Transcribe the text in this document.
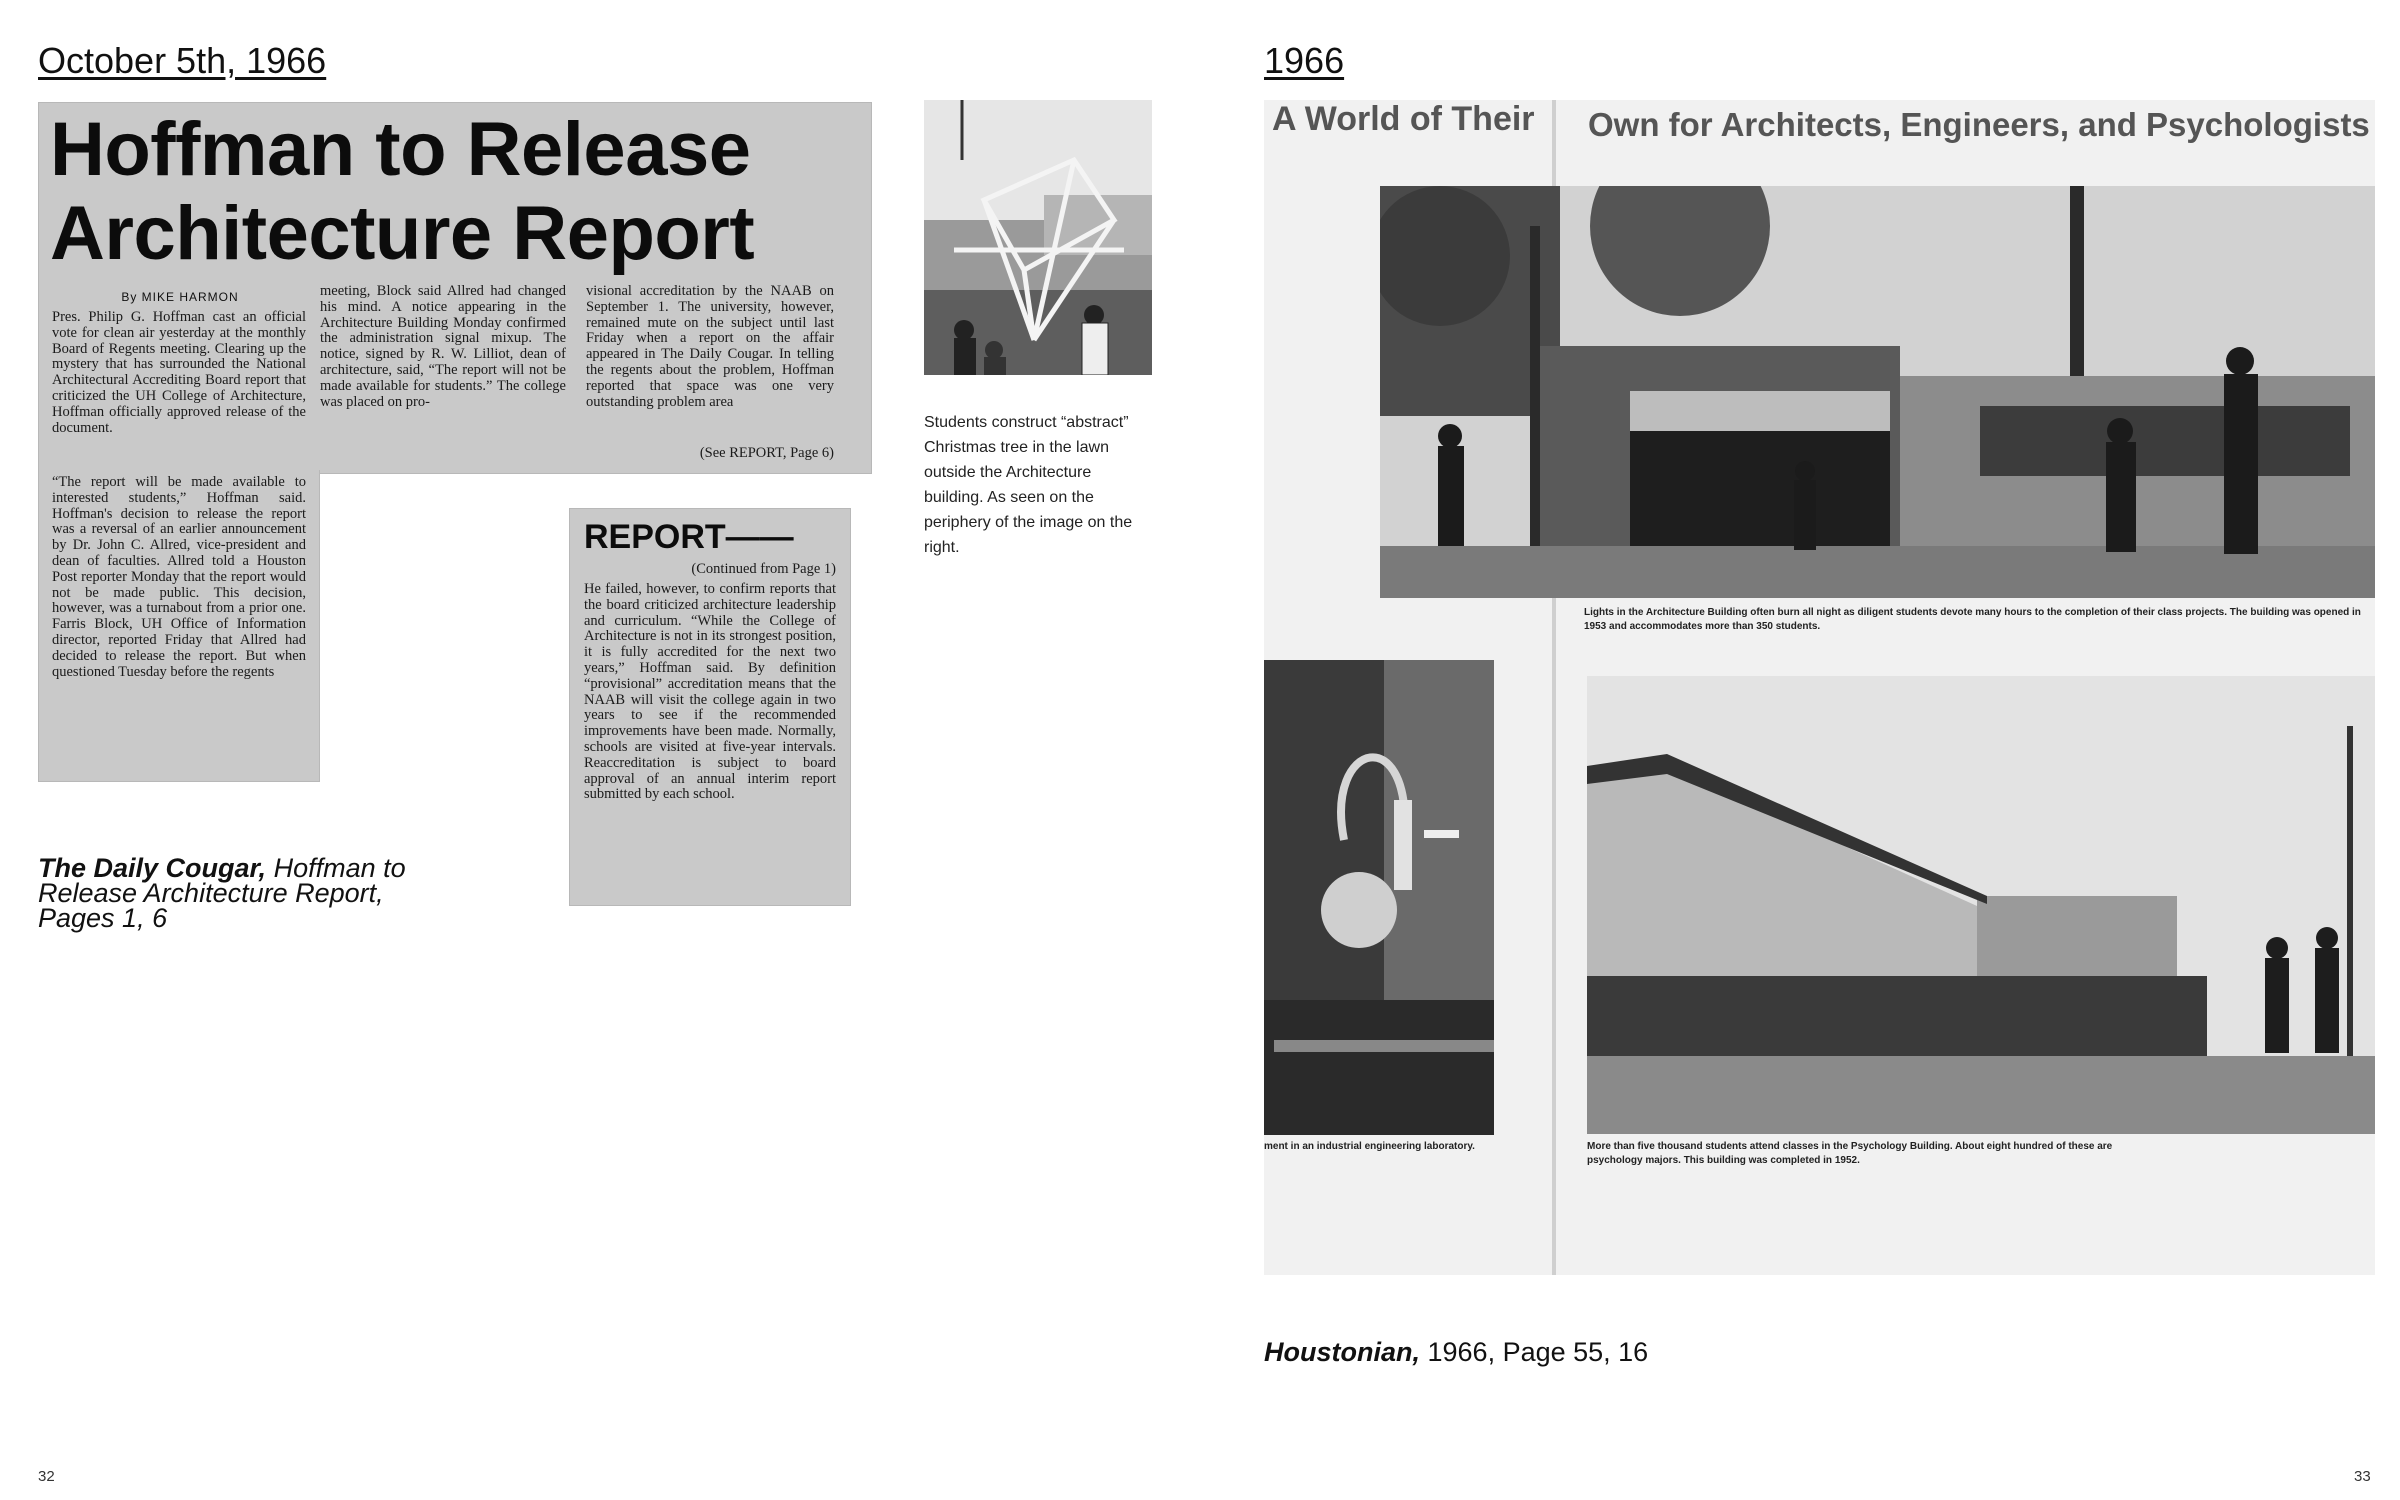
October 5th, 1966
Hoffman to Release
Architecture Report
By MIKE HARMON
Pres. Philip G. Hoffman cast an official vote for clean air yesterday at the monthly Board of Regents meeting. Clearing up the mystery that has surrounded the National Architectural Accrediting Board report that criticized the UH College of Architecture, Hoffman officially approved release of the document.
“The report will be made available to interested students,” Hoffman said. Hoffman's decision to release the report was a reversal of an earlier announcement by Dr. John C. Allred, vice-president and dean of faculties. Allred told a Houston Post reporter Monday that the report would not be made public. This decision, however, was a turnabout from a prior one. Farris Block, UH Office of Information director, reported Friday that Allred had decided to release the report. But when questioned Tuesday before the regents
meeting, Block said Allred had changed his mind. A notice appearing in the Architecture Building Monday confirmed the administration signal mixup. The notice, signed by R. W. Lilliot, dean of architecture, said, “The report will not be made available for students.” The college was placed on pro-
visional accreditation by the NAAB on September 1. The university, however, remained mute on the subject until last Friday when a report on the affair appeared in The Daily Cougar. In telling the regents about the problem, Hoffman reported that space was one very outstanding problem area
(See REPORT, Page 6)
REPORT——
(Continued from Page 1)
He failed, however, to confirm reports that the board criticized architecture leadership and curriculum. “While the College of Architecture is not in its strongest position, it is fully accredited for the next two years,” Hoffman said. By definition “provisional” accreditation means that the NAAB will visit the college again in two years to see if the recommended improvements have been made. Normally, schools are visited at five-year intervals. Reaccreditation is subject to board approval of an annual interim report submitted by each school.
Students construct “abstract” Christmas tree in the lawn outside the Architecture building. As seen on the periphery of the image on the right.
The Daily Cougar, Hoffman to Release Architecture Report, Pages 1, 6
32
1966
A World of Their Own for Architects, Engineers, and Psychologists
Lights in the Architecture Building often burn all night as diligent students devote many hours to the completion of their class projects. The building was opened in 1953 and accommodates more than 350 students.
ment in an industrial engineering laboratory.	More than five thousand students attend classes in the Psychology Building. About eight hundred of these are psychology majors. This building was completed in 1952.
Houstonian, 1966, Page 55, 16
33
